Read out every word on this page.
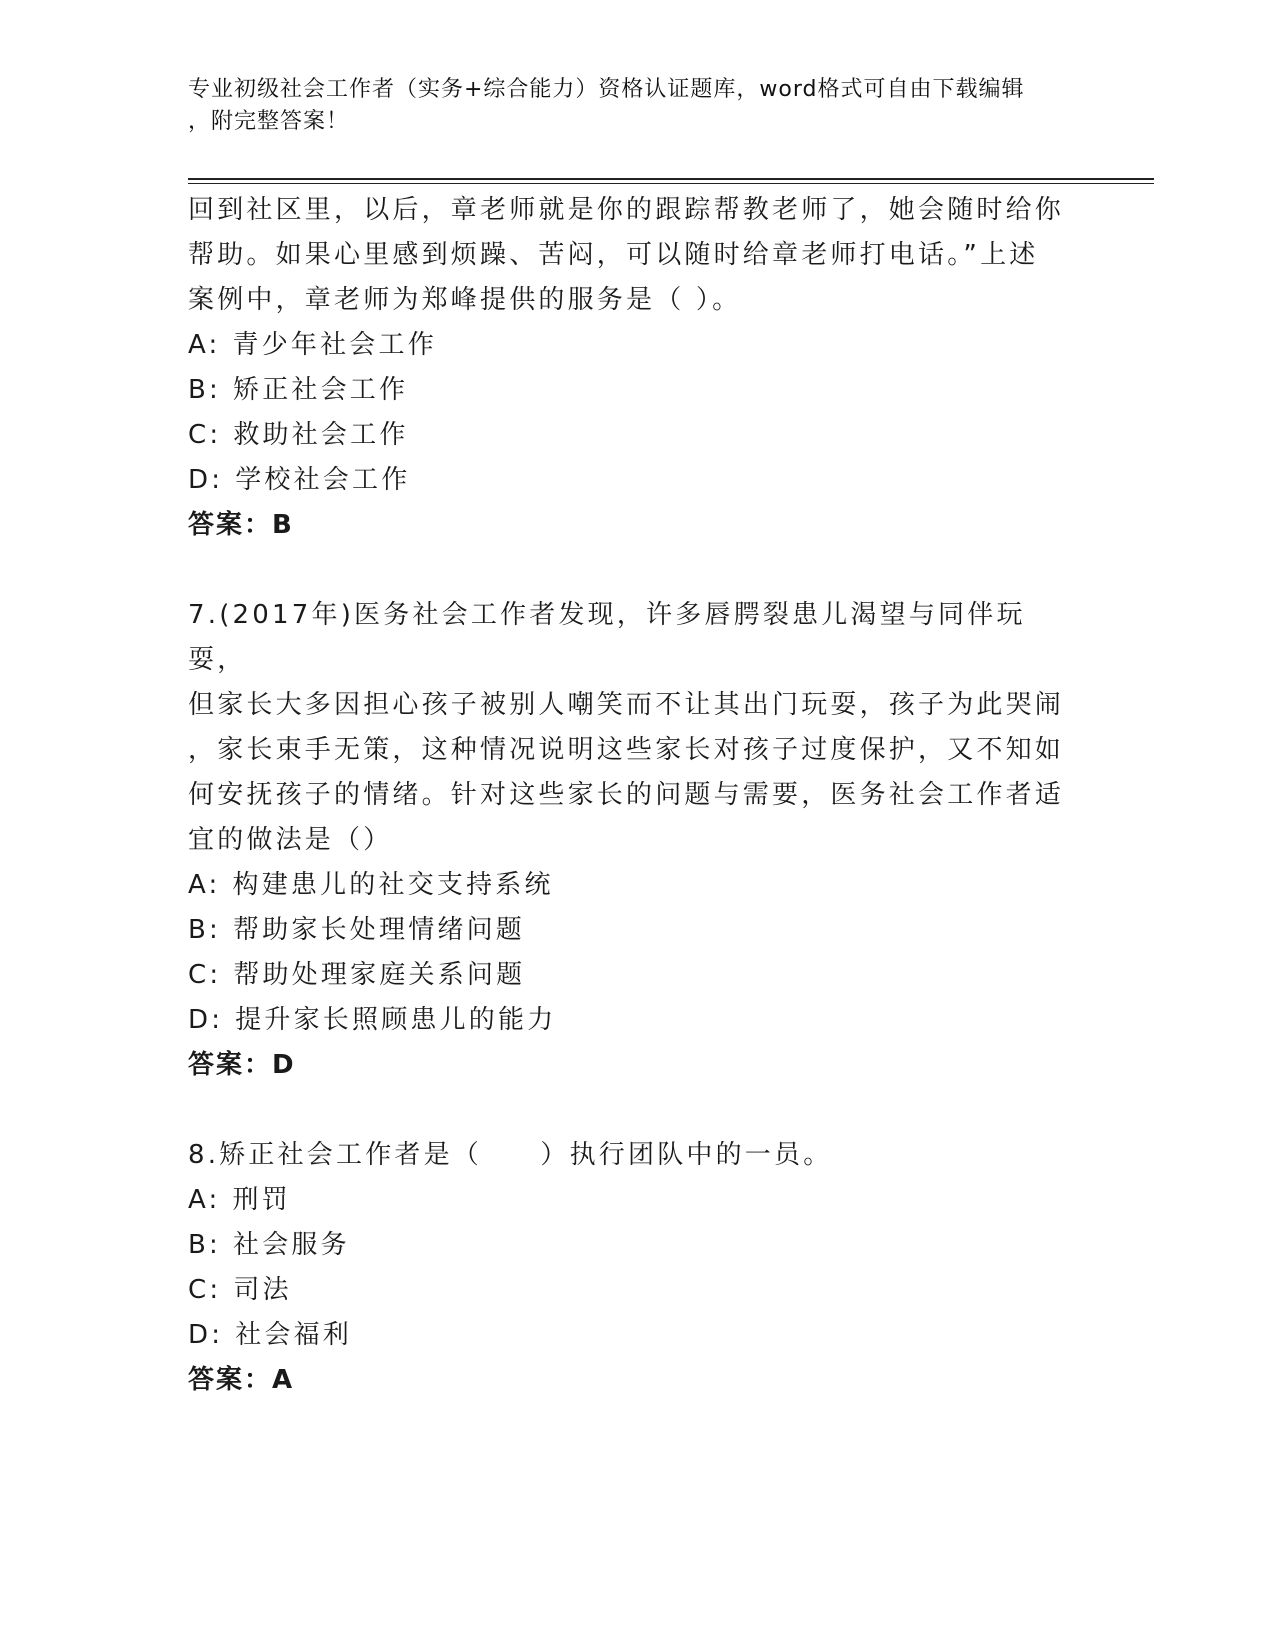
专业初级社会工作者（实务+综合能力）资格认证题库，word格式可自由下载编辑
，附完整答案！

回到社区里，以后，章老师就是你的跟踪帮教老师了，她会随时给你

帮助。如果心里感到烦躁、苦闷，可以随时给章老师打电话。”上述

案例中，章老师为郑峰提供的服务是（ ）。

A: 青少年社会工作

B: 矫正社会工作

C: 救助社会工作

D: 学校社会工作

答案：B

7.(2017年)医务社会工作者发现，许多唇腭裂患儿渴望与同伴玩耍，

但家长大多因担心孩子被别人嘲笑而不让其出门玩耍，孩子为此哭闹

，家长束手无策，这种情况说明这些家长对孩子过度保护，又不知如

何安抚孩子的情绪。针对这些家长的问题与需要，医务社会工作者适

宜的做法是（）

A: 构建患儿的社交支持系统

B: 帮助家长处理情绪问题

C: 帮助处理家庭关系问题

D: 提升家长照顾患儿的能力

答案：D

8.矫正社会工作者是（　　）执行团队中的一员。

A: 刑罚

B: 社会服务

C: 司法

D: 社会福利

答案：A
